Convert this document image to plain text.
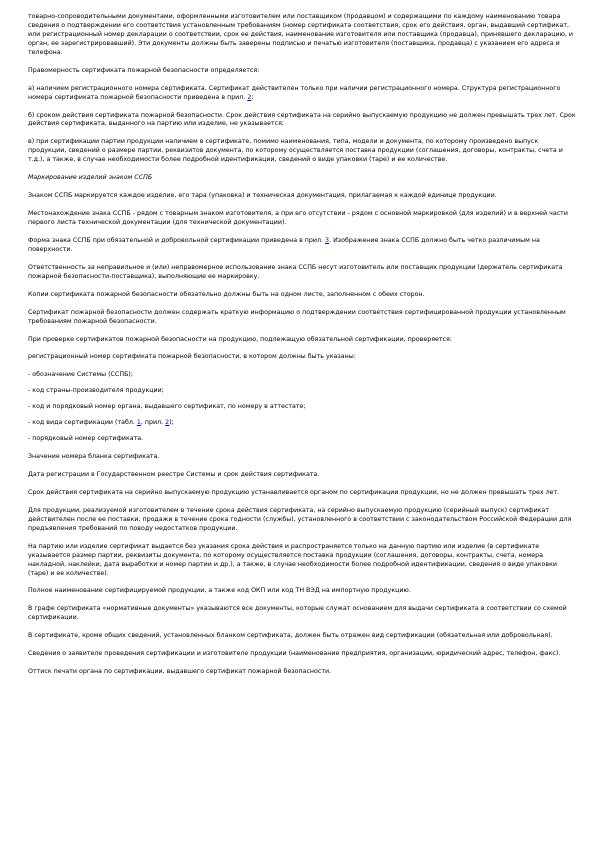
товарно-сопроводительными документами, оформленными изготовителем или поставщиком (продавцом) и содержащими по каждому наименованию товара сведения о подтверждении его соответствия установленным требованиям (номер сертификата соответствия, срок его действия, орган, выдавший сертификат, или регистрационный номер декларации о соответствии, срок ее действия, наименование изготовителя или поставщика (продавца), принявшего декларацию, и орган, ее зарегистрировавший). Эти документы должны быть заверены подписью и печатью изготовителя (поставщика, продавца) с указанием его адреса и телефона.

Правомерность сертификата пожарной безопасности определяется:

а) наличием регистрационного номера сертификата. Сертификат действителен только при наличии регистрационного номера. Структура регистрационного номера сертификата пожарной безопасности приведена в прил. 2;

б) сроком действия сертификата пожарной безопасности. Срок действия сертификата на серийно выпускаемую продукцию не должен превышать трех лет. Срок действия сертификата, выданного на партию или изделие, не указывается;

в) при сертификации партии продукции наличием в сертификате, помимо наименования, типа, модели и документа, по которому произведено выпуск продукции, сведений о размере партии, реквизитов документа, по которому осуществляется поставка продукции (соглашения, договоры, контракты, счета и т.д.), а также, в случае необходимости более подробной идентификации, сведений о виде упаковки (таре) и ее количестве.

Маркирование изделий знаком ССПБ

Знаком ССПБ маркируется каждое изделие, его тара (упаковка) и техническая документация, прилагаемая к каждой единице продукции.

Местонахождение знака ССПБ - рядом с товарным знаком изготовителя, а при его отсутствии - рядом с основной маркировкой (для изделий) и в верхней части первого листа технической документации (для технической документации).

Форма знака ССПБ при обязательной и добровольной сертификации приведена в прил. 3. Изображение знака ССПБ должно быть четко различимым на поверхности.

Ответственность за неправильное и (или) неправомерное использование знака ССПБ несут изготовитель или поставщик продукции (держатель сертификата пожарной безопасности-поставщика), выполняющие ее маркировку.

Копии сертификата пожарной безопасности обязательно должны быть на одном листе, заполненном с обеих сторон.

Сертификат пожарной безопасности должен содержать краткую информацию о подтверждении соответствия сертифицированной продукции установленным требованиям пожарной безопасности.

При проверке сертификатов пожарной безопасности на продукцию, подлежащую обязательной сертификации, проверяется:

регистрационный номер сертификата пожарной безопасности, в котором должны быть указаны:

- обозначение Системы (ССПБ);

- код страны-производителя продукции;

- код и порядковый номер органа, выдавшего сертификат, по номеру в аттестате;

- код вида сертификации (табл. 1, прил. 2);

- порядковый номер сертификата.

Значение номера бланка сертификата.

Дата регистрации в Государственном реестре Системы и срок действия сертификата.

Срок действия сертификата на серийно выпускаемую продукцию устанавливается органом по сертификации продукции, но не должен превышать трех лет.

Для продукции, реализуемой изготовителем в течение срока действия сертификата, на серийно выпускаемую продукцию (серийный выпуск) сертификат действителен после ее поставки, продажи в течение срока годности (службы), установленного в соответствии с законодательством Российской Федерации для предъявления требований по поводу недостатков продукции.

На партию или изделие сертификат выдается без указания срока действия и распространяется только на данную партию или изделие (в сертификате указывается размер партии, реквизиты документа, по которому осуществляется поставка продукции (соглашения, договоры, контракты, счета, номера накладной, наклейки, дата выработки и номер партии и др.), а также, в случае необходимости более подробной идентификации, сведения о виде упаковки (таре) и ее количестве).

Полное наименование сертифицируемой продукции, а также код ОКП или код ТН ВЭД на импортную продукцию.

В графе сертификата «нормативные документы» указываются все документы, которые служат основанием для выдачи сертификата в соответствии со схемой сертификации.

В сертификате, кроме общих сведений, установленных бланком сертификата, должен быть отражен вид сертификации (обязательная или добровольная).

Сведения о заявителе проведения сертификации и изготовителе продукции (наименование предприятия, организации, юридический адрес, телефон, факс).

Оттиск печати органа по сертификации, выдавшего сертификат пожарной безопасности.
